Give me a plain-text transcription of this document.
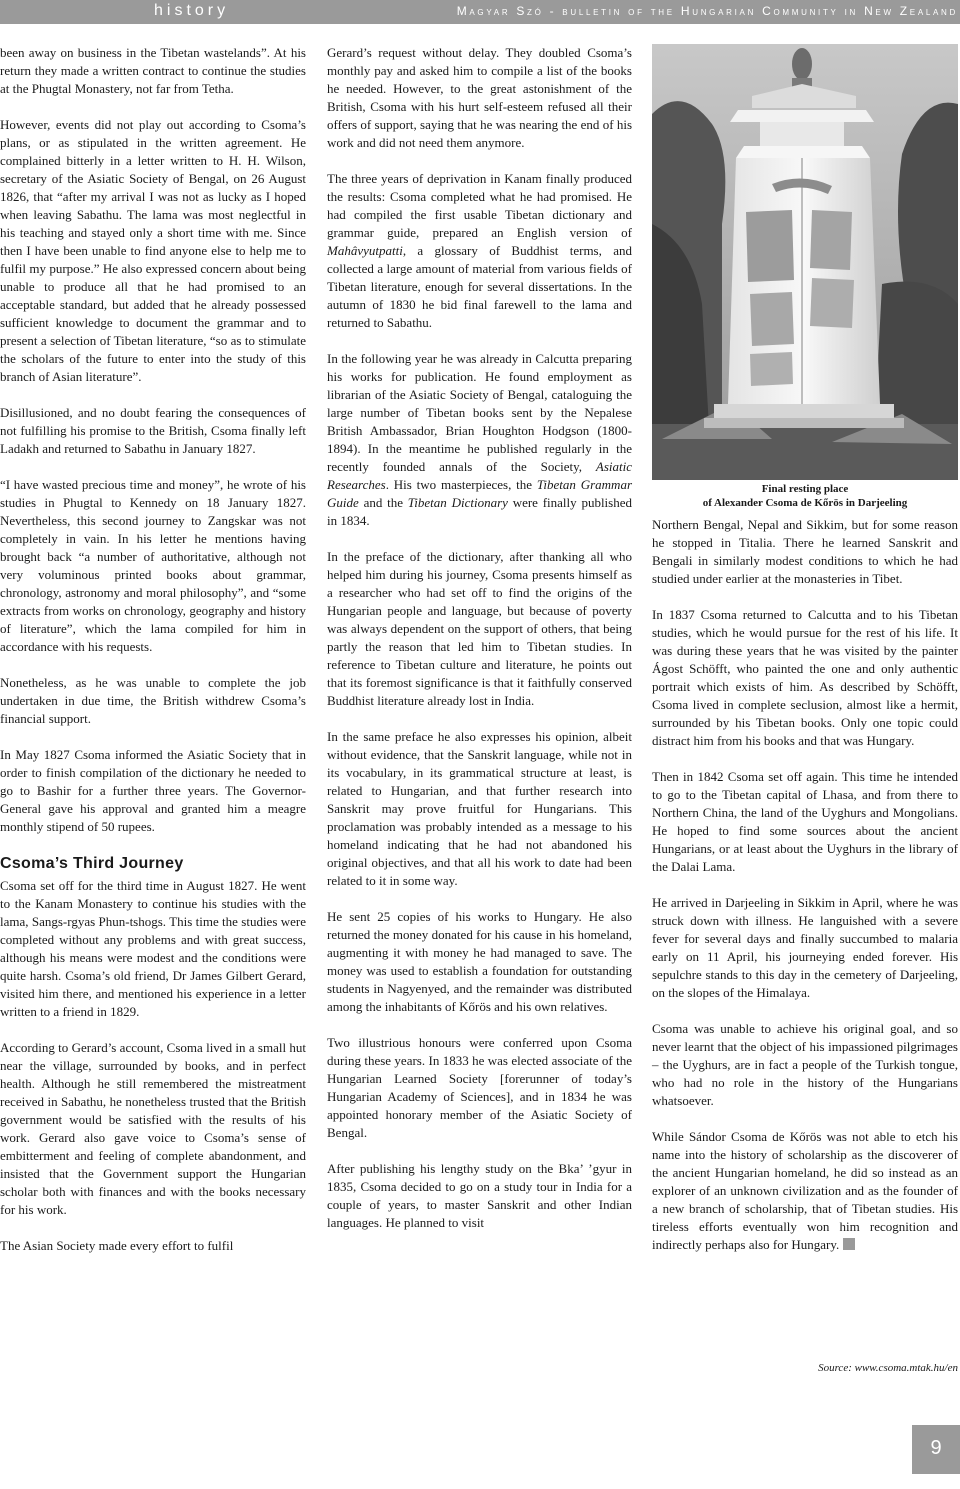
history	Magyar Szó - bulletin of the Hungarian Community in New Zealand

been away on business in the Tibetan wastelands”. At his return they made a written contract to continue the studies at the Phugtal Monastery, not far from Tetha.

However, events did not play out according to Csoma’s plans, or as stipulated in the written agreement. He complained bitterly in a letter written to H. H. Wilson, secretary of the Asiatic Society of Bengal, on 26 August 1826, that “after my arrival I was not as lucky as I hoped when leaving Sabathu. The lama was most neglectful in his teaching and stayed only a short time with me. Since then I have been unable to find anyone else to help me to fulfil my purpose.” He also expressed concern about being unable to produce all that he had promised to an acceptable standard, but added that he already possessed sufficient knowledge to document the grammar and to present a selection of Tibetan literature, “so as to stimulate the scholars of the future to enter into the study of this branch of Asian literature”.

Disillusioned, and no doubt fearing the consequences of not fulfilling his promise to the British, Csoma finally left Ladakh and returned to Sabathu in January 1827.

“I have wasted precious time and money”, he wrote of his studies in Phugtal to Kennedy on 18 January 1827. Nevertheless, this second journey to Zangskar was not completely in vain. In his letter he mentions having brought back “a number of authoritative, although not very voluminous printed books about grammar, chronology, astronomy and moral philosophy”, and “some extracts from works on chronology, geography and history of literature”, which the lama compiled for him in accordance with his requests.

Nonetheless, as he was unable to complete the job undertaken in due time, the British withdrew Csoma’s financial support.

In May 1827 Csoma informed the Asiatic Society that in order to finish compilation of the dictionary he needed to go to Bashir for a further three years. The Governor-General gave his approval and granted him a meagre monthly stipend of 50 rupees.

Csoma’s Third Journey

Csoma set off for the third time in August 1827. He went to the Kanam Monastery to continue his studies with the lama, Sangs-rgyas Phun-tshogs. This time the studies were completed without any problems and with great success, although his means were modest and the conditions were quite harsh. Csoma’s old friend, Dr James Gilbert Gerard, visited him there, and mentioned his experience in a letter written to a friend in 1829.

According to Gerard’s account, Csoma lived in a small hut near the village, surrounded by books, and in perfect health. Although he still remembered the mistreatment received in Sabathu, he nonetheless trusted that the British government would be satisfied with the results of his work. Gerard also gave voice to Csoma’s sense of embitterment and feeling of complete abandonment, and insisted that the Government support the Hungarian scholar both with finances and with the books necessary for his work.

The Asian Society made every effort to fulfil

Gerard’s request without delay. They doubled Csoma’s monthly pay and asked him to compile a list of the books he needed. However, to the great astonishment of the British, Csoma with his hurt self-esteem refused all their offers of support, saying that he was nearing the end of his work and did not need them anymore.

The three years of deprivation in Kanam finally produced the results: Csoma completed what he had promised. He had compiled the first usable Tibetan dictionary and grammar guide, prepared an English version of Mahâvyutpatti, a glossary of Buddhist terms, and collected a large amount of material from various fields of Tibetan literature, enough for several dissertations. In the autumn of 1830 he bid final farewell to the lama and returned to Sabathu.

In the following year he was already in Calcutta preparing his works for publication. He found employment as librarian of the Asiatic Society of Bengal, cataloguing the large number of Tibetan books sent by the Nepalese British Ambassador, Brian Houghton Hodgson (1800-1894). In the meantime he published regularly in the recently founded annals of the Society, Asiatic Researches. His two masterpieces, the Tibetan Grammar Guide and the Tibetan Dictionary were finally published in 1834.

In the preface of the dictionary, after thanking all who helped him during his journey, Csoma presents himself as a researcher who had set off to find the origins of the Hungarian people and language, but because of poverty was always dependent on the support of others, that being partly the reason that led him to Tibetan studies. In reference to Tibetan culture and literature, he points out that its foremost significance is that it faithfully conserved Buddhist literature already lost in India.

In the same preface he also expresses his opinion, albeit without evidence, that the Sanskrit language, while not in its vocabulary, in its grammatical structure at least, is related to Hungarian, and that further research into Sanskrit may prove fruitful for Hungarians. This proclamation was probably intended as a message to his homeland indicating that he had not abandoned his original objectives, and that all his work to date had been related to it in some way.

He sent 25 copies of his works to Hungary. He also returned the money donated for his cause in his homeland, augmenting it with money he had managed to save. The money was used to establish a foundation for outstanding students in Nagyenyed, and the remainder was distributed among the inhabitants of Kőrös and his own relatives.

Two illustrious honours were conferred upon Csoma during these years. In 1833 he was elected associate of the Hungarian Learned Society [forerunner of today’s Hungarian Academy of Sciences], and in 1834 he was appointed honorary member of the Asiatic Society of Bengal.

After publishing his lengthy study on the Bka’ ’gyur in 1835, Csoma decided to go on a study tour in India for a couple of years, to master Sanskrit and other Indian languages. He planned to visit

Final resting place
of Alexander Csoma de Kőrös in Darjeeling

Northern Bengal, Nepal and Sikkim, but for some reason he stopped in Titalia. There he learned Sanskrit and Bengali in similarly modest conditions to which he had studied under earlier at the monasteries in Tibet.

In 1837 Csoma returned to Calcutta and to his Tibetan studies, which he would pursue for the rest of his life. It was during these years that he was visited by the painter Ágost Schöfft, who painted the one and only authentic portrait which exists of him. As described by Schöfft, Csoma lived in complete seclusion, almost like a hermit, surrounded by his Tibetan books. Only one topic could distract him from his books and that was Hungary.

Then in 1842 Csoma set off again. This time he intended to go to the Tibetan capital of Lhasa, and from there to Northern China, the land of the Uyghurs and Mongolians. He hoped to find some sources about the ancient Hungarians, or at least about the Uyghurs in the library of the Dalai Lama.

He arrived in Darjeeling in Sikkim in April, where he was struck down with illness. He languished with a severe fever for several days and finally succumbed to malaria early on 11 April, his journeying ended forever. His sepulchre stands to this day in the cemetery of Darjeeling, on the slopes of the Himalaya.

Csoma was unable to achieve his original goal, and so never learnt that the object of his impassioned pilgrimages – the Uyghurs, are in fact a people of the Turkish tongue, who had no role in the history of the Hungarians whatsoever.

While Sándor Csoma de Kőrös was not able to etch his name into the history of scholarship as the discoverer of the ancient Hungarian homeland, he did so instead as an explorer of an unknown civilization and as the founder of a new branch of scholarship, that of Tibetan studies. His tireless efforts eventually won him recognition and indirectly perhaps also for Hungary.

Source: www.csoma.mtak.hu/en
9
